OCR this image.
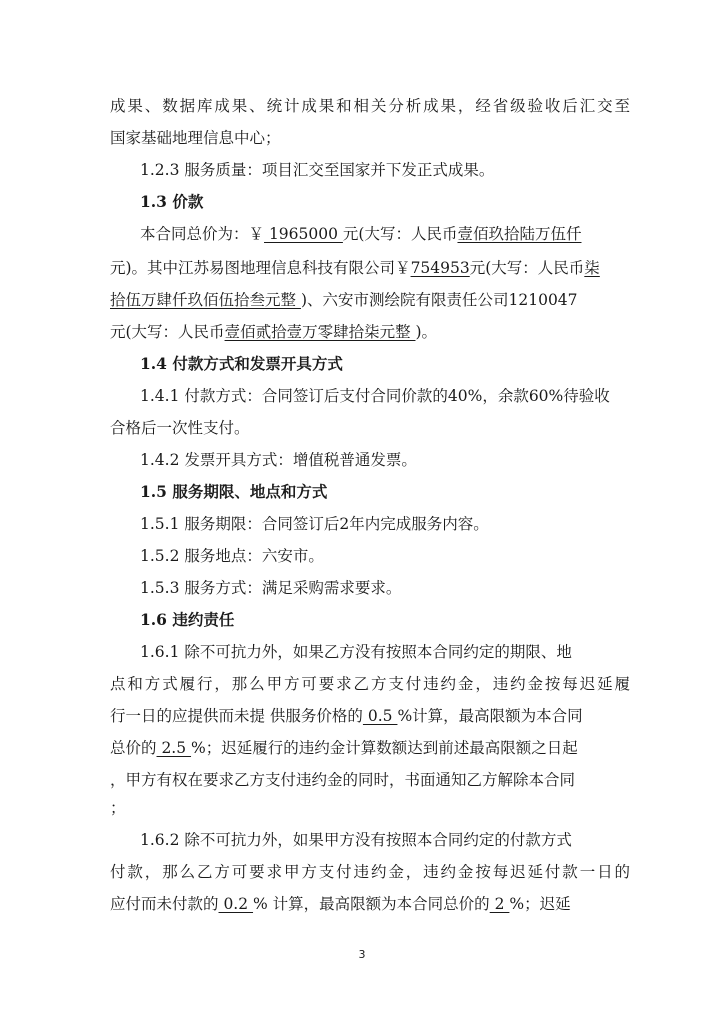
成果、数据库成果、统计成果和相关分析成果，经省级验收后汇交至
国家基础地理信息中心；
1.2.3 服务质量：项目汇交至国家并下发正式成果。
1.3 价款
本合同总价为：￥ 1965000 元(大写：人民币壹佰玖拾陆万伍仟
元)。其中江苏易图地理信息科技有限公司￥754953元(大写：人民币柒
拾伍万肆仟玖佰伍拾叁元整 )、六安市测绘院有限责任公司1210047
元(大写：人民币壹佰贰拾壹万零肆拾柒元整 )。
1.4 付款方式和发票开具方式
1.4.1 付款方式：合同签订后支付合同价款的40%，余款60%待验收
合格后一次性支付。
1.4.2 发票开具方式：增值税普通发票。
1.5 服务期限、地点和方式
1.5.1 服务期限：合同签订后2年内完成服务内容。
1.5.2 服务地点：六安市。
1.5.3 服务方式：满足采购需求要求。
1.6 违约责任
1.6.1 除不可抗力外，如果乙方没有按照本合同约定的期限、地
点和方式履行，那么甲方可要求乙方支付违约金，违约金按每迟延履
行一日的应提供而未提 供服务价格的 0.5 %计算，最高限额为本合同
总价的 2.5 %；迟延履行的违约金计算数额达到前述最高限额之日起
，甲方有权在要求乙方支付违约金的同时，书面通知乙方解除本合同
；
1.6.2 除不可抗力外，如果甲方没有按照本合同约定的付款方式
付款，那么乙方可要求甲方支付违约金，违约金按每迟延付款一日的
应付而未付款的 0.2 % 计算，最高限额为本合同总价的 2 %；迟延
3
